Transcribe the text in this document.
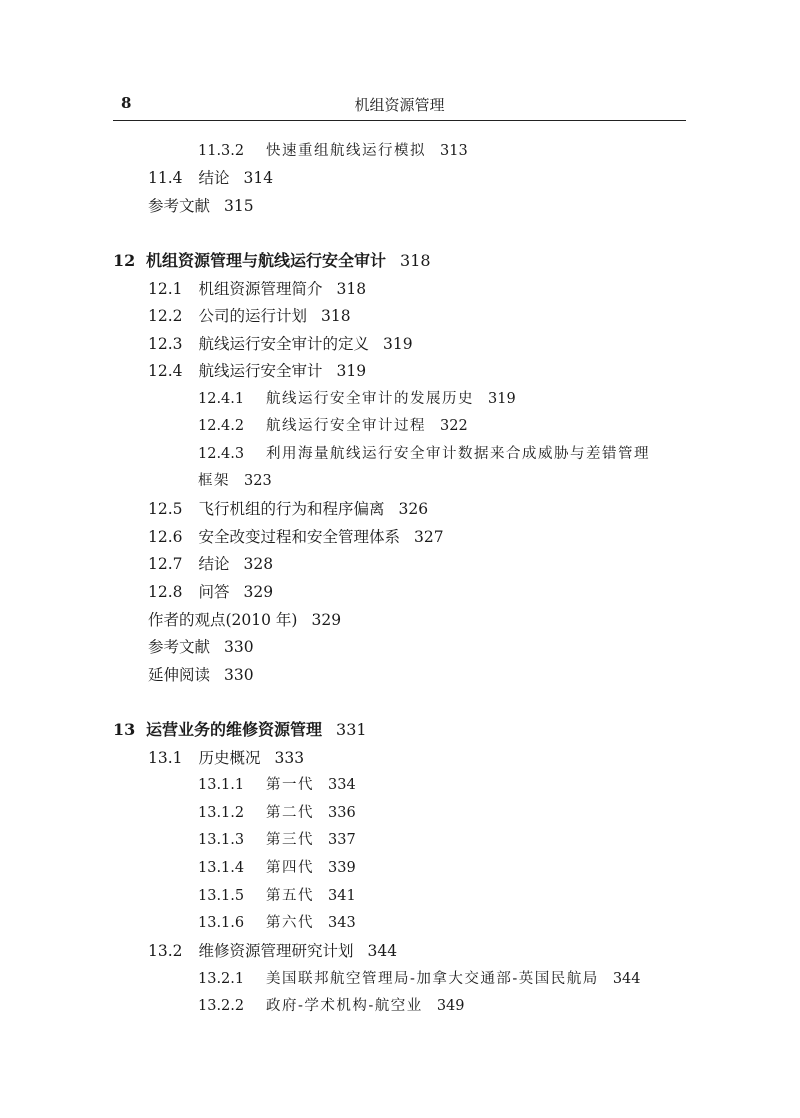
8	机组资源管理
11.3.2 快速重组航线运行模拟 313
11.4 结论 314
参考文献 315
12 机组资源管理与航线运行安全审计 318
12.1 机组资源管理简介 318
12.2 公司的运行计划 318
12.3 航线运行安全审计的定义 319
12.4 航线运行安全审计 319
12.4.1 航线运行安全审计的发展历史 319
12.4.2 航线运行安全审计过程 322
12.4.3 利用海量航线运行安全审计数据来合成威胁与差错管理
框架 323
12.5 飞行机组的行为和程序偏离 326
12.6 安全改变过程和安全管理体系 327
12.7 结论 328
12.8 问答 329
作者的观点(2010 年) 329
参考文献 330
延伸阅读 330
13 运营业务的维修资源管理 331
13.1 历史概况 333
13.1.1 第一代 334
13.1.2 第二代 336
13.1.3 第三代 337
13.1.4 第四代 339
13.1.5 第五代 341
13.1.6 第六代 343
13.2 维修资源管理研究计划 344
13.2.1 美国联邦航空管理局-加拿大交通部-英国民航局 344
13.2.2 政府-学术机构-航空业 349
